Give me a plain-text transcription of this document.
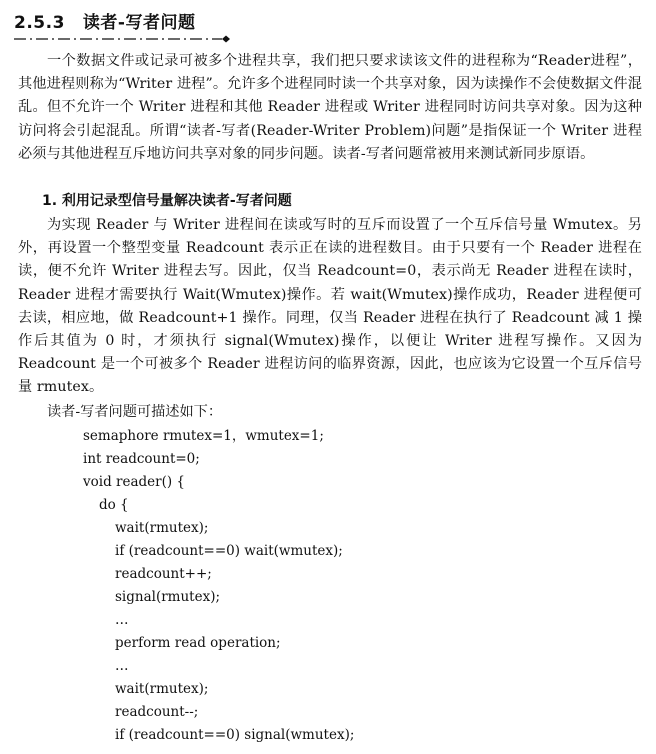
2.5.3 读者-写者问题
一个数据文件或记录可被多个进程共享，我们把只要求读该文件的进程称为“Reader进程”，其他进程则称为“Writer 进程”。允许多个进程同时读一个共享对象，因为读操作不会使数据文件混乱。但不允许一个 Writer 进程和其他 Reader 进程或 Writer 进程同时访问共享对象。因为这种访问将会引起混乱。所谓“读者-写者(Reader-Writer Problem)问题”是指保证一个 Writer 进程必须与其他进程互斥地访问共享对象的同步问题。读者-写者问题常被用来测试新同步原语。
1. 利用记录型信号量解决读者-写者问题
为实现 Reader 与 Writer 进程间在读或写时的互斥而设置了一个互斥信号量 Wmutex。另外，再设置一个整型变量 Readcount 表示正在读的进程数目。由于只要有一个 Reader 进程在读，便不允许 Writer 进程去写。因此，仅当 Readcount=0，表示尚无 Reader 进程在读时，Reader 进程才需要执行 Wait(Wmutex)操作。若 wait(Wmutex)操作成功，Reader 进程便可去读，相应地，做 Readcount+1 操作。同理，仅当 Reader 进程在执行了 Readcount 减 1 操作后其值为 0 时，才须执行 signal(Wmutex)操作，以便让 Writer 进程写操作。又因为 Readcount 是一个可被多个 Reader 进程访问的临界资源，因此，也应该为它设置一个互斥信号量 rmutex。
读者-写者问题可描述如下：
semaphore rmutex=1，wmutex=1;
int readcount=0;
void reader() {
do {
wait(rmutex);
if (readcount==0) wait(wmutex);
readcount++;
signal(rmutex);
…
perform read operation;
…
wait(rmutex);
readcount--;
if (readcount==0) signal(wmutex);
